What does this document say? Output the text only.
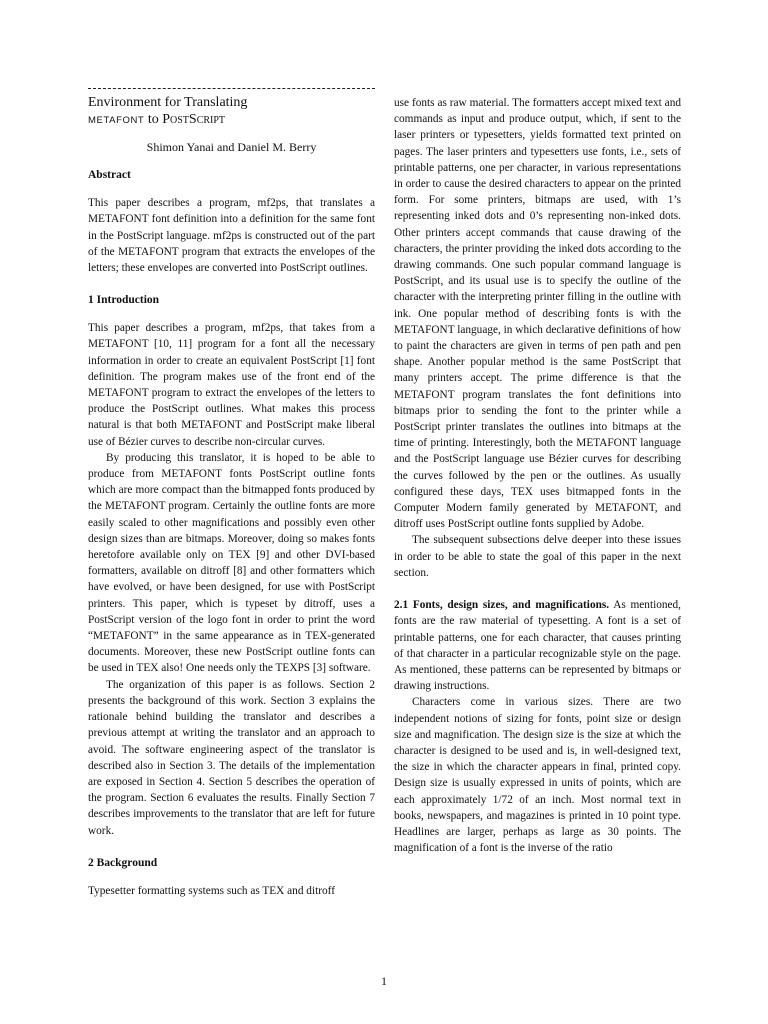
Environment for Translating
METAFONT to PostScript
Shimon Yanai and Daniel M. Berry
Abstract

This paper describes a program, mf2ps, that translates a METAFONT font definition into a definition for the same font in the PostScript language. mf2ps is constructed out of the part of the METAFONT program that extracts the envelopes of the letters; these envelopes are converted into PostScript outlines.

1 Introduction

This paper describes a program, mf2ps, that takes from a METAFONT [10, 11] program for a font all the necessary information in order to create an equivalent PostScript [1] font definition. The program makes use of the front end of the METAFONT program to extract the envelopes of the letters to produce the PostScript outlines. What makes this process natural is that both METAFONT and PostScript make liberal use of Bézier curves to describe non-circular curves.

By producing this translator, it is hoped to be able to produce from METAFONT fonts PostScript outline fonts which are more compact than the bitmapped fonts produced by the METAFONT program. Certainly the outline fonts are more easily scaled to other magnifications and possibly even other design sizes than are bitmaps. Moreover, doing so makes fonts heretofore available only on TEX [9] and other DVI-based formatters, available on ditroff [8] and other formatters which have evolved, or have been designed, for use with PostScript printers. This paper, which is typeset by ditroff, uses a PostScript version of the logo font in order to print the word “METAFONT” in the same appearance as in TEX-generated documents. Moreover, these new PostScript outline fonts can be used in TEX also! One needs only the TEXPS [3] software.

The organization of this paper is as follows. Section 2 presents the background of this work. Section 3 explains the rationale behind building the translator and describes a previous attempt at writing the translator and an approach to avoid. The software engineering aspect of the translator is described also in Section 3. The details of the implementation are exposed in Section 4. Section 5 describes the operation of the program. Section 6 evaluates the results. Finally Section 7 describes improvements to the translator that are left for future work.

2 Background

Typesetter formatting systems such as TEX and ditroff

use fonts as raw material. The formatters accept mixed text and commands as input and produce output, which, if sent to the laser printers or typesetters, yields formatted text printed on pages. The laser printers and typesetters use fonts, i.e., sets of printable patterns, one per character, in various representations in order to cause the desired characters to appear on the printed form. For some printers, bitmaps are used, with 1’s representing inked dots and 0’s representing non-inked dots. Other printers accept commands that cause drawing of the characters, the printer providing the inked dots according to the drawing commands. One such popular command language is PostScript, and its usual use is to specify the outline of the character with the interpreting printer filling in the outline with ink. One popular method of describing fonts is with the METAFONT language, in which declarative definitions of how to paint the characters are given in terms of pen path and pen shape. Another popular method is the same PostScript that many printers accept. The prime difference is that the METAFONT program translates the font definitions into bitmaps prior to sending the font to the printer while a PostScript printer translates the outlines into bitmaps at the time of printing. Interestingly, both the METAFONT language and the PostScript language use Bézier curves for describing the curves followed by the pen or the outlines. As usually configured these days, TEX uses bitmapped fonts in the Computer Modern family generated by METAFONT, and ditroff uses PostScript outline fonts supplied by Adobe.

The subsequent subsections delve deeper into these issues in order to be able to state the goal of this paper in the next section.

2.1 Fonts, design sizes, and magnifications. As mentioned, fonts are the raw material of typesetting. A font is a set of printable patterns, one for each character, that causes printing of that character in a particular recognizable style on the page. As mentioned, these patterns can be represented by bitmaps or drawing instructions.

Characters come in various sizes. There are two independent notions of sizing for fonts, point size or design size and magnification. The design size is the size at which the character is designed to be used and is, in well-designed text, the size in which the character appears in final, printed copy. Design size is usually expressed in units of points, which are each approximately 1/72 of an inch. Most normal text in books, newspapers, and magazines is printed in 10 point type. Headlines are larger, perhaps as large as 30 points. The magnification of a font is the inverse of the ratio

1
